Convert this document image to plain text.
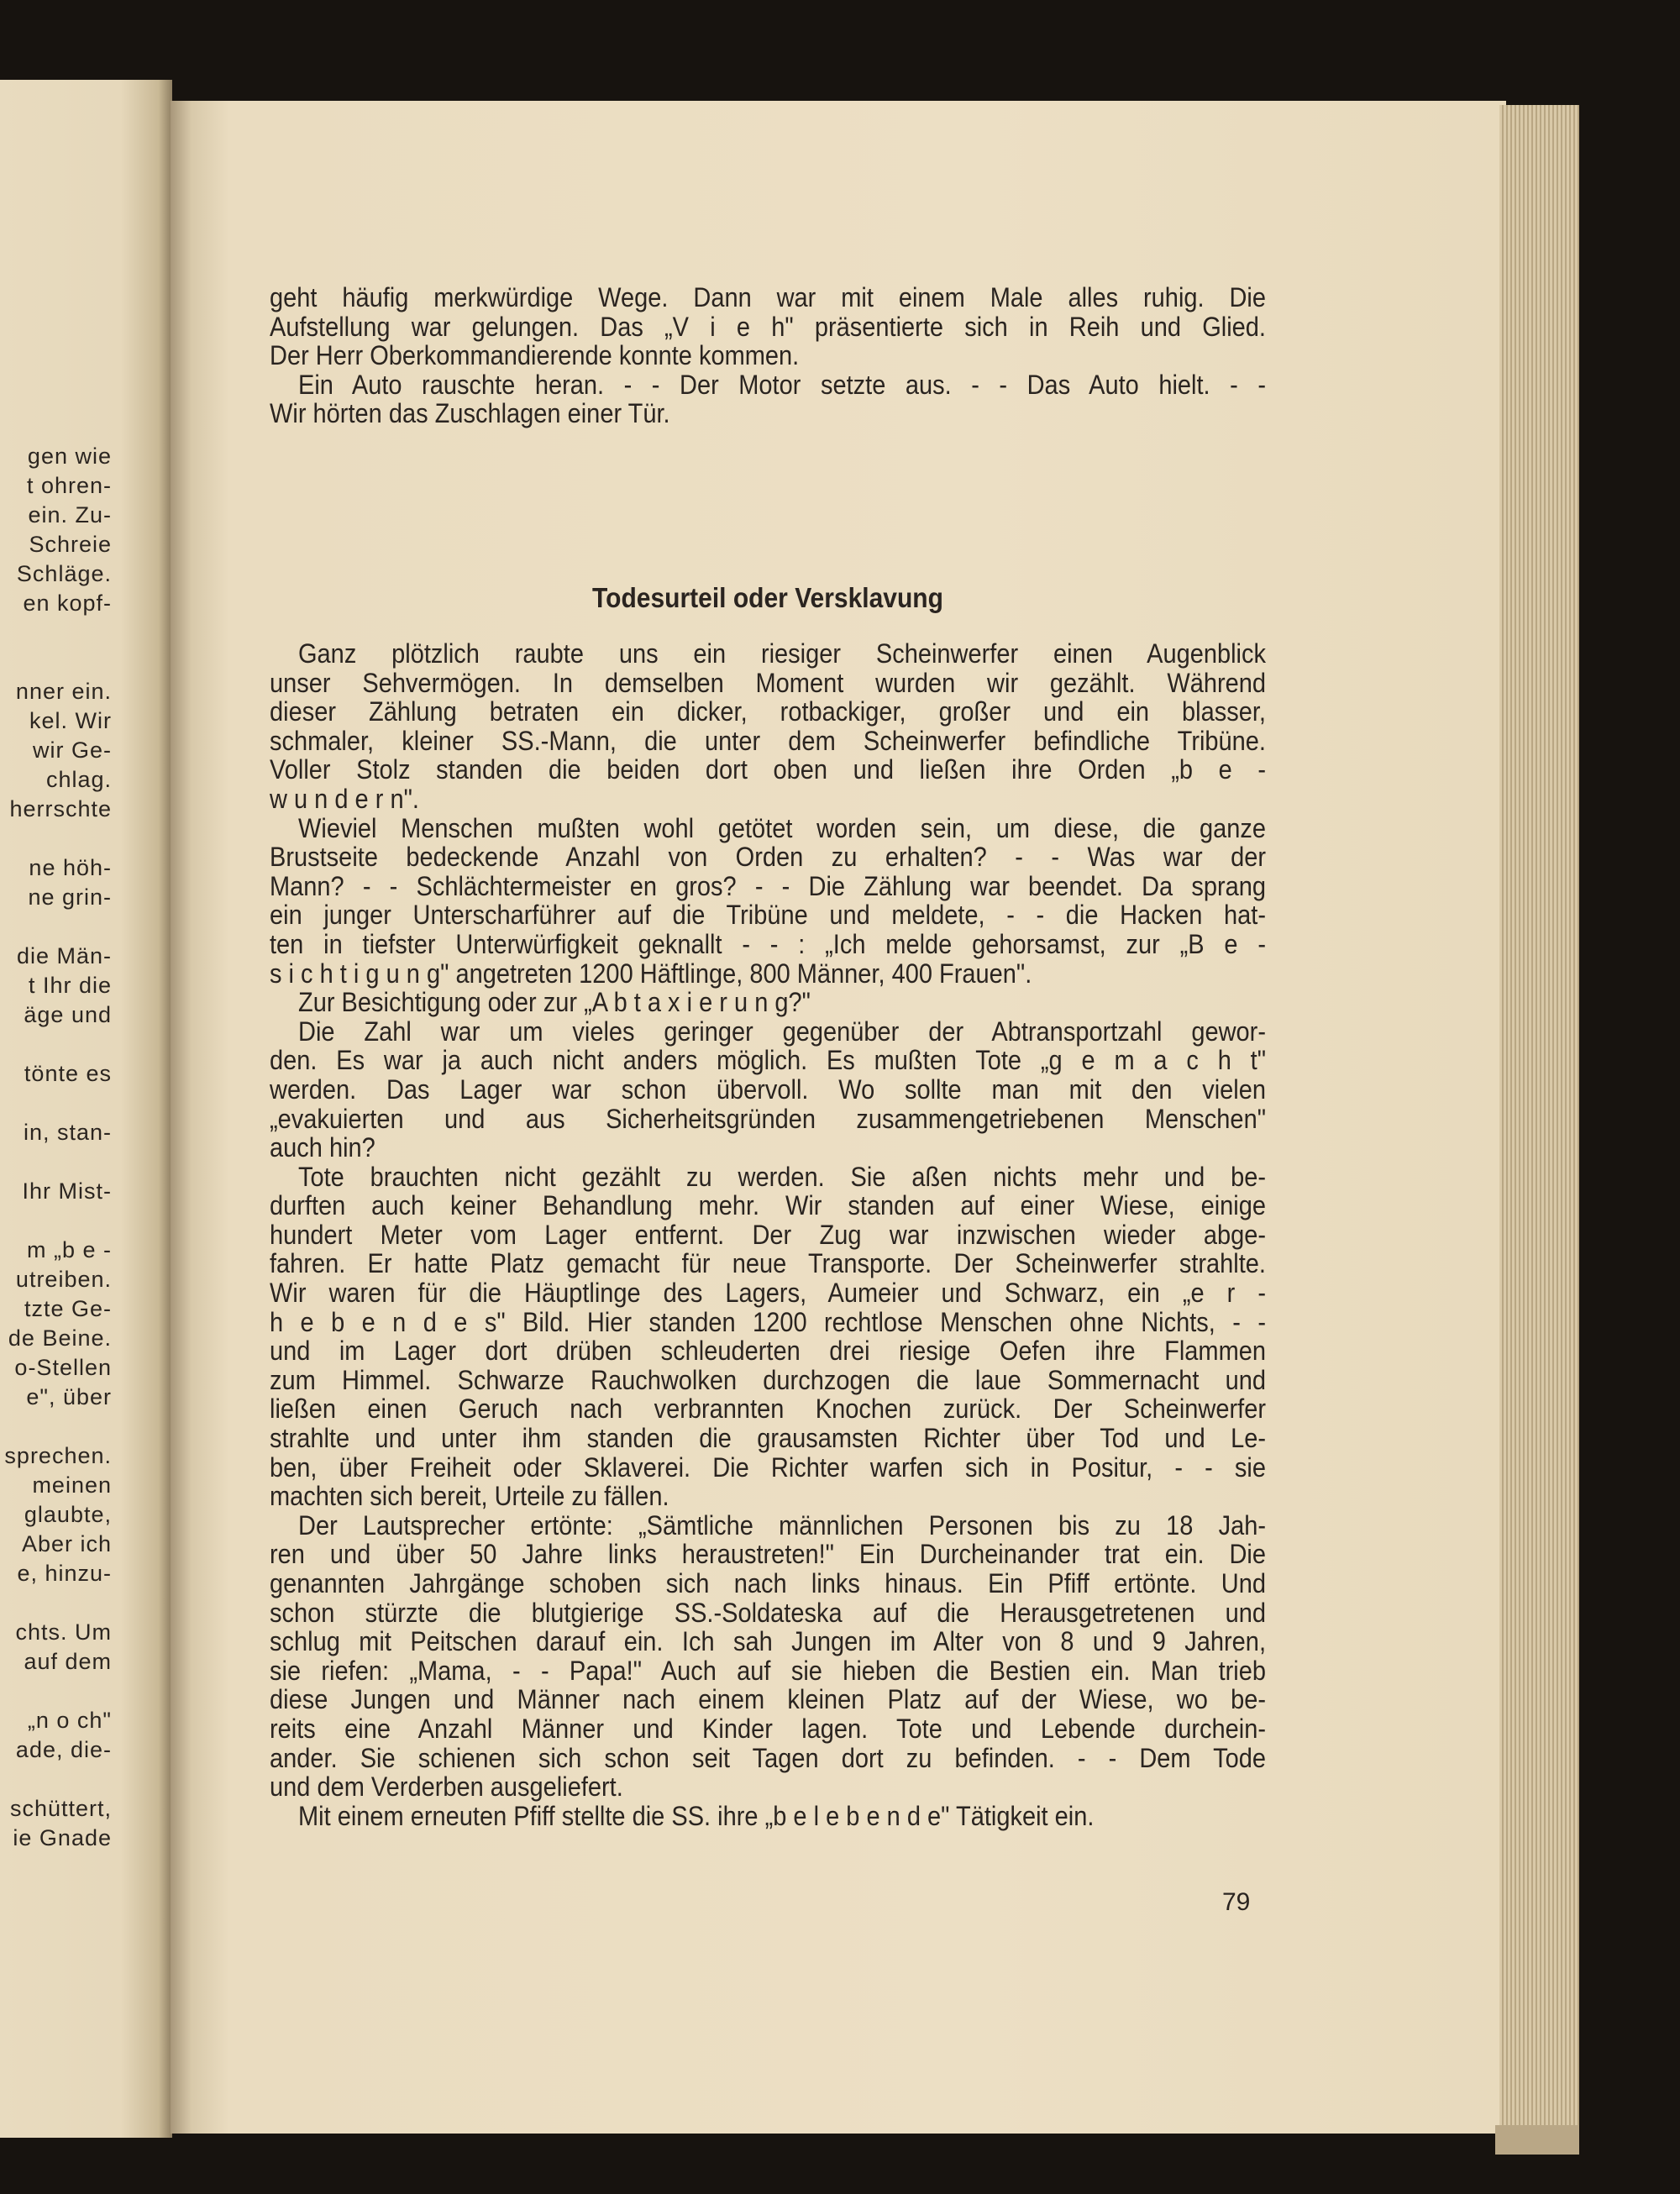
gen wie
t ohren-
ein. Zu-
Schreie
Schläge.
en kopf-
nner ein.
kel. Wir
wir Ge-
chlag.
herrschte
ne höh-
ne grin-
die Män-
t Ihr die
äge und
tönte es
in, stan-
Ihr Mist-
m „b e -
utreiben.
tzte Ge-
de Beine.
o-Stellen
e", über
sprechen.
meinen
glaubte,
Aber ich
e, hinzu-
chts. Um
auf dem
„n o ch"
ade, die-
schüttert,
ie Gnade
geht häufig merkwürdige Wege. Dann war mit einem Male alles ruhig. Die
Aufstellung war gelungen. Das „V i e h" präsentierte sich in Reih und Glied.
Der Herr Oberkommandierende konnte kommen.
Ein Auto rauschte heran. - - Der Motor setzte aus. - - Das Auto hielt. - -
Wir hörten das Zuschlagen einer Tür.
Todesurteil oder Versklavung
Ganz plötzlich raubte uns ein riesiger Scheinwerfer einen Augenblick
unser Sehvermögen. In demselben Moment wurden wir gezählt. Während
dieser Zählung betraten ein dicker, rotbackiger, großer und ein blasser,
schmaler, kleiner SS.-Mann, die unter dem Scheinwerfer befindliche Tribüne.
Voller Stolz standen die beiden dort oben und ließen ihre Orden „b e -
w u n d e r n".
Wieviel Menschen mußten wohl getötet worden sein, um diese, die ganze
Brustseite bedeckende Anzahl von Orden zu erhalten? - - Was war der
Mann? - - Schlächtermeister en gros? - - Die Zählung war beendet. Da sprang
ein junger Unterscharführer auf die Tribüne und meldete, - - die Hacken hat-
ten in tiefster Unterwürfigkeit geknallt - - : „Ich melde gehorsamst, zur „B e -
s i c h t i g u n g" angetreten 1200 Häftlinge, 800 Männer, 400 Frauen".
Zur Besichtigung oder zur „A b t a x i e r u n g?"
Die Zahl war um vieles geringer gegenüber der Abtransportzahl gewor-
den. Es war ja auch nicht anders möglich. Es mußten Tote „g e m a c h t"
werden. Das Lager war schon übervoll. Wo sollte man mit den vielen
„evakuierten und aus Sicherheitsgründen zusammengetriebenen Menschen"
auch hin?
Tote brauchten nicht gezählt zu werden. Sie aßen nichts mehr und be-
durften auch keiner Behandlung mehr. Wir standen auf einer Wiese, einige
hundert Meter vom Lager entfernt. Der Zug war inzwischen wieder abge-
fahren. Er hatte Platz gemacht für neue Transporte. Der Scheinwerfer strahlte.
Wir waren für die Häuptlinge des Lagers, Aumeier und Schwarz, ein „e r -
h e b e n d e s" Bild. Hier standen 1200 rechtlose Menschen ohne Nichts, - -
und im Lager dort drüben schleuderten drei riesige Oefen ihre Flammen
zum Himmel. Schwarze Rauchwolken durchzogen die laue Sommernacht und
ließen einen Geruch nach verbrannten Knochen zurück. Der Scheinwerfer
strahlte und unter ihm standen die grausamsten Richter über Tod und Le-
ben, über Freiheit oder Sklaverei. Die Richter warfen sich in Positur, - - sie
machten sich bereit, Urteile zu fällen.
Der Lautsprecher ertönte: „Sämtliche männlichen Personen bis zu 18 Jah-
ren und über 50 Jahre links heraustreten!" Ein Durcheinander trat ein. Die
genannten Jahrgänge schoben sich nach links hinaus. Ein Pfiff ertönte. Und
schon stürzte die blutgierige SS.-Soldateska auf die Herausgetretenen und
schlug mit Peitschen darauf ein. Ich sah Jungen im Alter von 8 und 9 Jahren,
sie riefen: „Mama, - - Papa!" Auch auf sie hieben die Bestien ein. Man trieb
diese Jungen und Männer nach einem kleinen Platz auf der Wiese, wo be-
reits eine Anzahl Männer und Kinder lagen. Tote und Lebende durchein-
ander. Sie schienen sich schon seit Tagen dort zu befinden. - - Dem Tode
und dem Verderben ausgeliefert.
Mit einem erneuten Pfiff stellte die SS. ihre „b e l e b e n d e" Tätigkeit ein.
79
